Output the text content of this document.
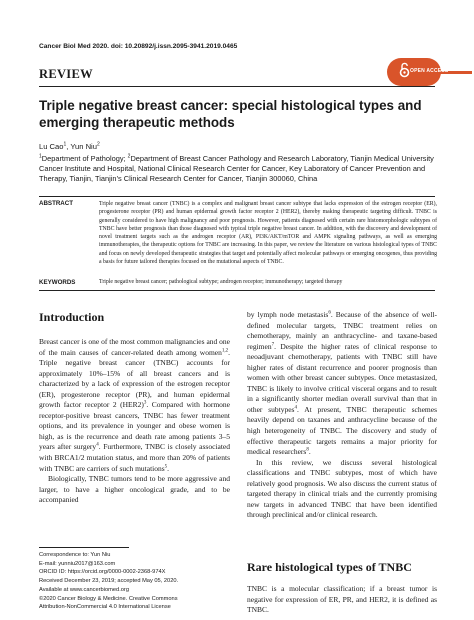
Cancer Biol Med 2020. doi: 10.20892/j.issn.2095-3941.2019.0465
REVIEW	OPEN ACCESS
Triple negative breast cancer: special histological types and
emerging therapeutic methods
Lu Cao$^1$, Yun Niu$^2$
$^1$Department of Pathology; $^2$Department of Breast Cancer Pathology and Research Laboratory, Tianjin Medical University Cancer Institute and Hospital, National Clinical Research Center for Cancer, Key Laboratory of Cancer Prevention and Therapy, Tianjin, Tianjin’s Clinical Research Center for Cancer, Tianjin 300060, China
ABSTRACT	Triple negative breast cancer (TNBC) is a complex and malignant breast cancer subtype that lacks expression of the estrogen receptor (ER), progesterone receptor (PR) and human epidermal growth factor receptor 2 (HER2), thereby making therapeutic targeting difficult. TNBC is generally considered to have high malignancy and poor prognosis. However, patients diagnosed with certain rare histomorphologic subtypes of TNBC have better prognosis than those diagnosed with typical triple negative breast cancer. In addition, with the discovery and development of novel treatment targets such as the androgen receptor (AR), PI3K/AKT/mTOR and AMPK signaling pathways, as well as emerging immunotherapies, the therapeutic options for TNBC are increasing. In this paper, we review the literature on various histological types of TNBC and focus on newly developed therapeutic strategies that target and potentially affect molecular pathways or emerging oncogenes, thus providing a basis for future tailored therapies focused on the mutational aspects of TNBC.
KEYWORDS	Triple negative breast cancer; pathological subtype; androgen receptor; immunotherapy; targeted therapy
Introduction

Breast cancer is one of the most common malignancies and one of the main causes of cancer-related death among women$^{1,2}$. Triple negative breast cancer (TNBC) accounts for approximately 10%–15% of all breast cancers and is characterized by a lack of expression of the estrogen receptor (ER), progesterone receptor (PR), and human epidermal growth factor receptor 2 $(HER2)^3$. Compared with hormone receptor-positive breast cancers, TNBC has fewer treatment options, and its prevalence in younger and obese women is high, as is the recurrence and death rate among patients 3–5 years after surgery$^4$. Furthermore, TNBC is closely associated with BRCA1/2 mutation status, and more than 20% of patients with TNBC are carriers of such mutations$^5$.

Biologically, TNBC tumors tend to be more aggressive and larger, to have a higher oncological grade, and to be accompanied

by lymph node metastasis$^6$. Because of the absence of well-defined molecular targets, TNBC treatment relies on chemotherapy, mainly an anthracycline- and taxane-based regimen$^7$. Despite the higher rates of clinical response to neoadjuvant chemotherapy, patients with TNBC still have higher rates of distant recurrence and poorer prognosis than women with other breast cancer subtypes. Once metastasized, TNBC is likely to involve critical visceral organs and to result in a significantly shorter median overall survival than that in other subtypes$^4$. At present, TNBC therapeutic schemes heavily depend on taxanes and anthracycline because of the high heterogeneity of TNBC. The discovery and study of effective therapeutic targets remains a major priority for medical researchers$^8$.

In this review, we discuss several histological classifications and TNBC subtypes, most of which have relatively good prognosis. We also discuss the current status of targeted therapy in clinical trials and the currently promising new targets in advanced TNBC that have been identified through preclinical and/or clinical research.

Rare histological types of TNBC
TNBC is a molecular classification; if a breast tumor is negative for expression of ER, PR, and HER2, it is defined as TNBC.
Correspondence to: Yun Niu
E-mail: yunniu2017@163.com
ORCID ID: https://orcid.org/0000-0002-2368-974X
Received December 23, 2019; accepted May 05, 2020.
Available at www.cancerbiomed.org
©2020 Cancer Biology & Medicine. Creative Commons
Attribution-NonCommercial 4.0 International License
